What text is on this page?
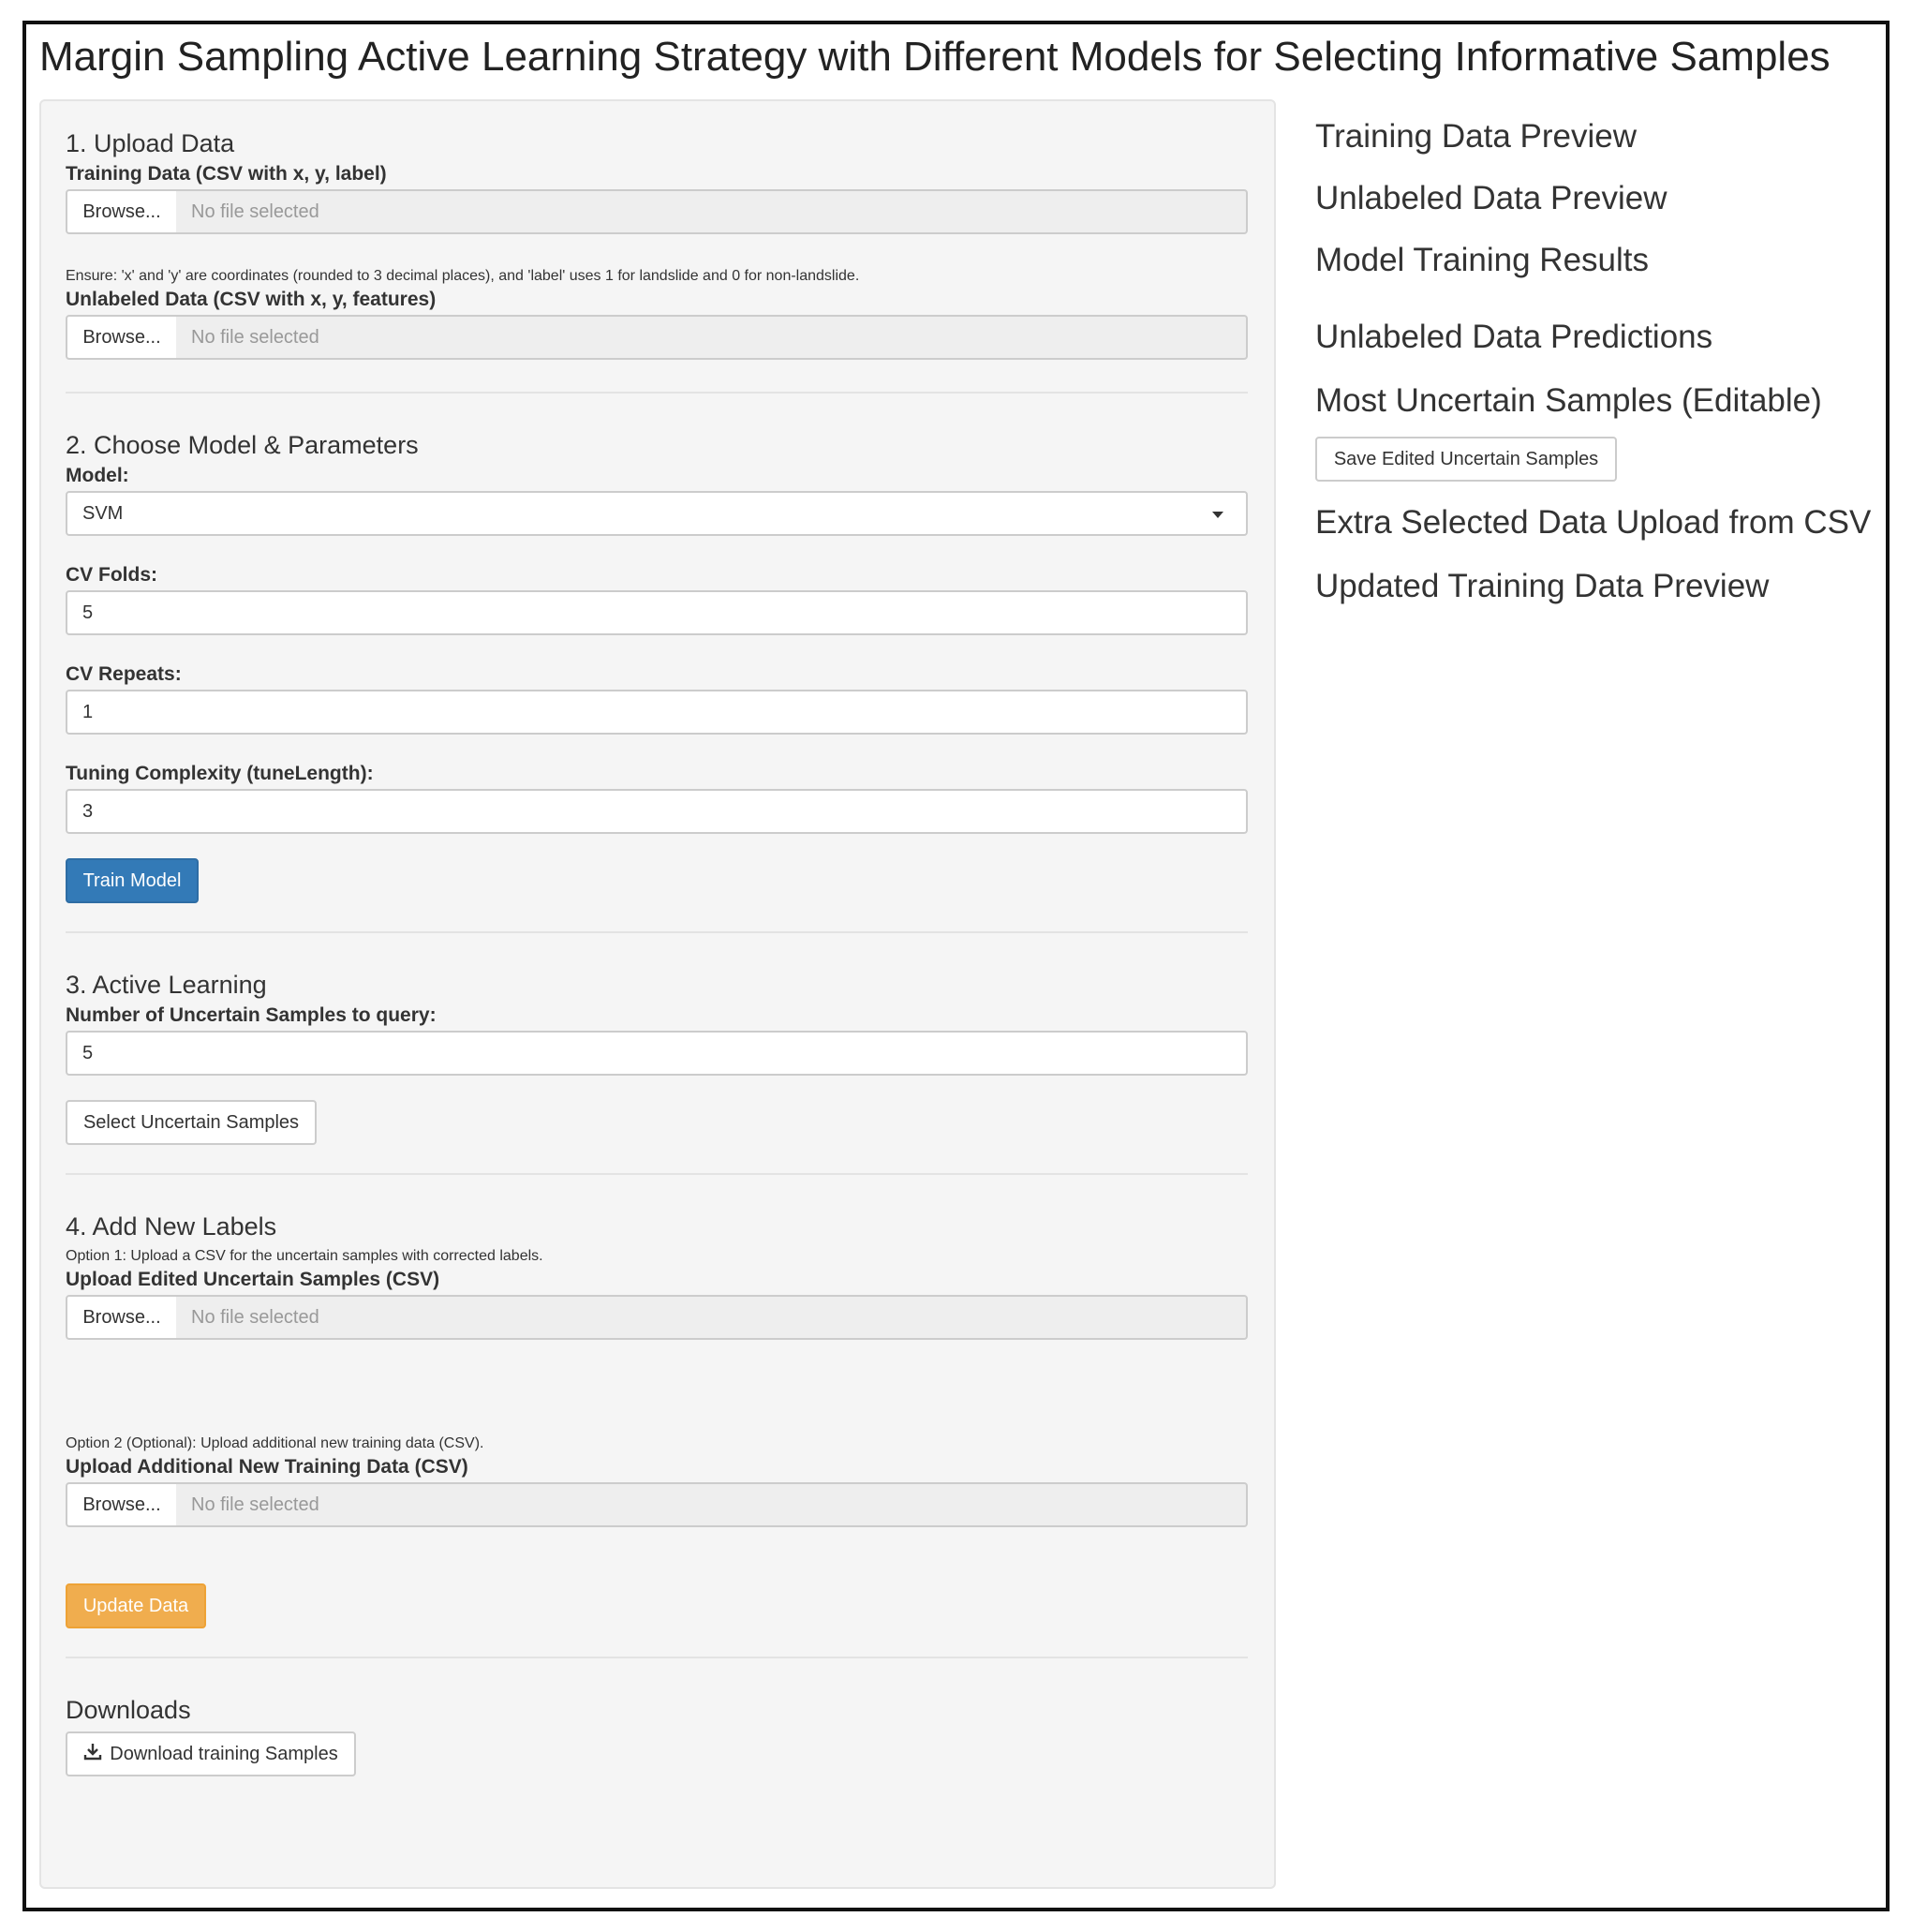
Margin Sampling Active Learning Strategy with Different Models for Selecting Informative Samples
1. Upload Data
Training Data (CSV with x, y, label)
Browse...	No file selected
Ensure: 'x' and 'y' are coordinates (rounded to 3 decimal places), and 'label' uses 1 for landslide and 0 for non-landslide.
Unlabeled Data (CSV with x, y, features)
Browse...	No file selected
2. Choose Model & Parameters
Model:
SVM
CV Folds:
5
CV Repeats:
1
Tuning Complexity (tuneLength):
3
Train Model
3. Active Learning
Number of Uncertain Samples to query:
5
Select Uncertain Samples
4. Add New Labels
Option 1: Upload a CSV for the uncertain samples with corrected labels.
Upload Edited Uncertain Samples (CSV)
Browse...	No file selected
Option 2 (Optional): Upload additional new training data (CSV).
Upload Additional New Training Data (CSV)
Browse...	No file selected
Update Data
Downloads
Download training Samples
Training Data Preview
Unlabeled Data Preview
Model Training Results
Unlabeled Data Predictions
Most Uncertain Samples (Editable)
Save Edited Uncertain Samples
Extra Selected Data Upload from CSV
Updated Training Data Preview
